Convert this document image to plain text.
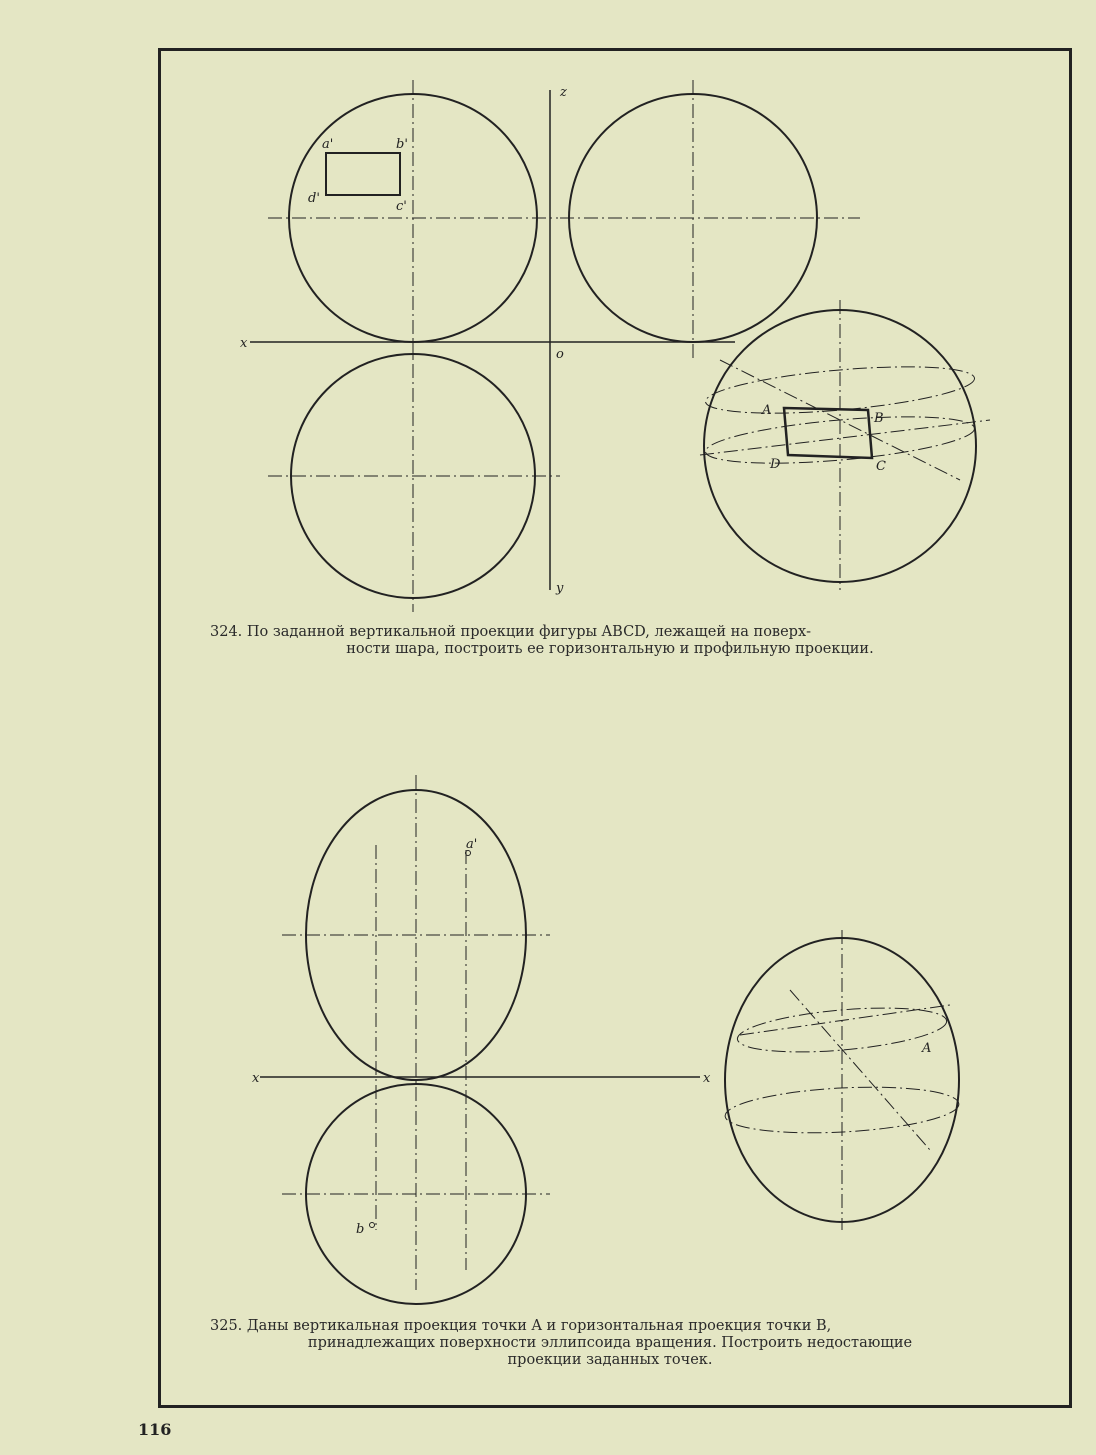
a'	b'
c'
d'
z
x
o
y
A
B
C
D
a'
b
x	x
A
324. По заданной вертикальной проекции фигуры ABCD, лежащей на поверх-
ности шара, построить ее горизонтальную и профильную проекции.
325. Даны вертикальная проекция точки A и горизонтальная проекция точки B,
принадлежащих поверхности эллипсоида вращения. Построить недостающие
проекции заданных точек.
116
